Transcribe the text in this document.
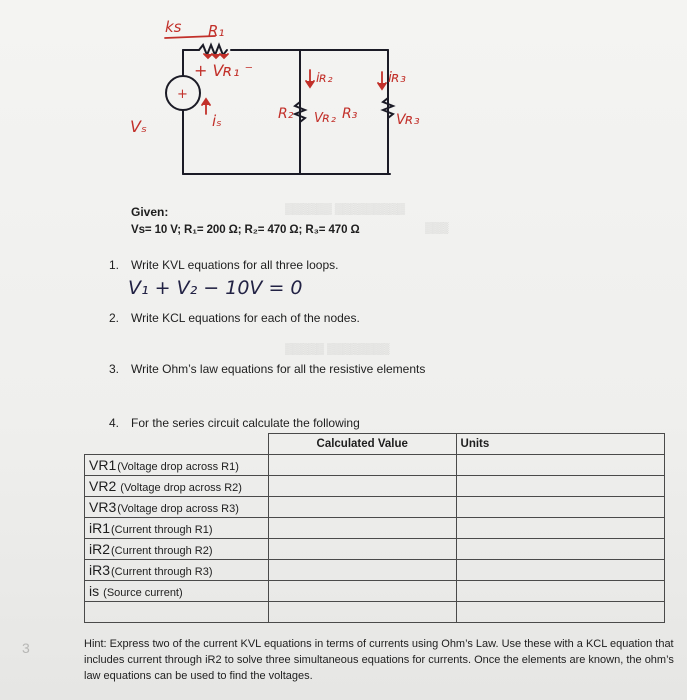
▒▒▒▒▒▒ ▒▒▒▒▒▒▒▒▒
▒▒▒
▒▒▒▒▒ ▒▒▒▒▒▒▒▒
ks R₁
+ Vʀ₁ ⁻
+
Vₛ	iₛ
iʀ₂
R₂ Vʀ₂ R₃
iʀ₃
Vʀ₃
Given:
Vs= 10 V; R₁= 200 Ω; R₂= 470 Ω; R₃= 470 Ω
1. Write KVL equations for all three loops.
V₁ + V₂ − 10V = 0
2. Write KCL equations for each of the nodes.
3. Write Ohm’s law equations for all the resistive elements
4. For the series circuit calculate the following
	Calculated Value	Units
VR1(Voltage drop across R1)		
VR2 (Voltage drop across R2)		
VR3(Voltage drop across R3)		
iR1(Current through R1)		
iR2(Current through R2)		
iR3(Current through R3)		
is (Source current)		

Hint: Express two of the current KVL equations in terms of currents using Ohm’s Law. Use these with a KCL equation that includes current through iR2 to solve three simultaneous equations for currents. Once the elements are known, the ohm’s law equations can be used to find the voltages.
3
